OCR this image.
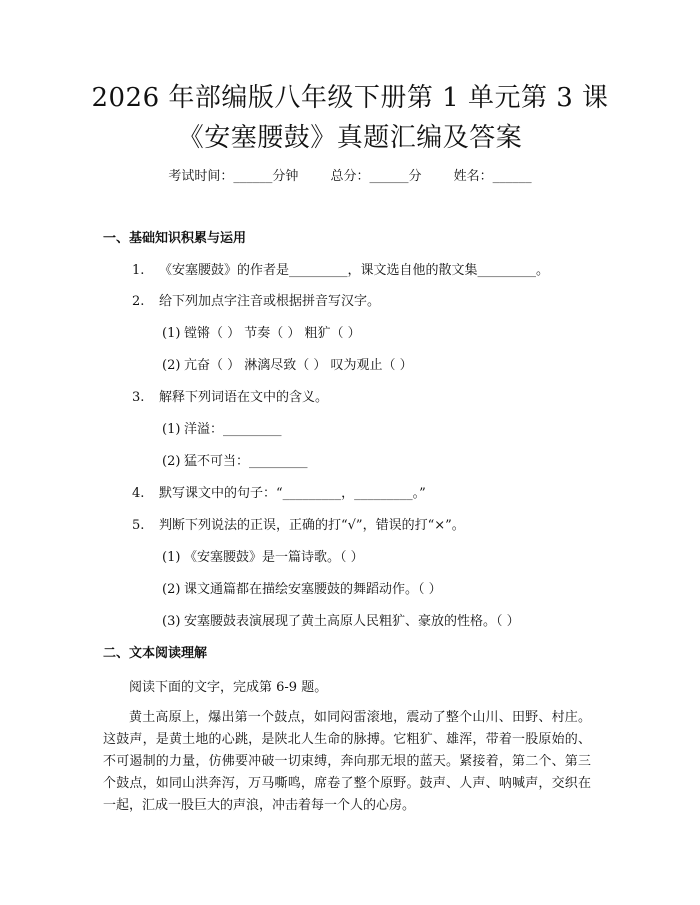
2026 年部编版八年级下册第 1 单元第 3 课
《安塞腰鼓》真题汇编及答案
考试时间：______分钟 总分：______分 姓名：______
一、基础知识积累与运用
1. 《安塞腰鼓》的作者是_________，课文选自他的散文集_________。
2. 给下列加点字注音或根据拼音写汉字。
(1) 镗锵（ ） 节奏（ ） 粗犷（ ）
(2) 亢奋（ ） 淋漓尽致（ ） 叹为观止（ ）
3. 解释下列词语在文中的含义。
(1) 洋溢：_________
(2) 猛不可当：_________
4. 默写课文中的句子：“_________，_________。”
5. 判断下列说法的正误，正确的打“√”，错误的打“×”。
(1) 《安塞腰鼓》是一篇诗歌。（ ）
(2) 课文通篇都在描绘安塞腰鼓的舞蹈动作。（ ）
(3) 安塞腰鼓表演展现了黄土高原人民粗犷、豪放的性格。（ ）
二、文本阅读理解
阅读下面的文字，完成第 6-9 题。
黄土高原上，爆出第一个鼓点，如同闷雷滚地，震动了整个山川、田野、村庄。这鼓声，是黄土地的心跳，是陕北人生命的脉搏。它粗犷、雄浑，带着一股原始的、不可遏制的力量，仿佛要冲破一切束缚，奔向那无垠的蓝天。紧接着，第二个、第三个鼓点，如同山洪奔泻，万马嘶鸣，席卷了整个原野。鼓声、人声、呐喊声，交织在一起，汇成一股巨大的声浪，冲击着每一个人的心房。
